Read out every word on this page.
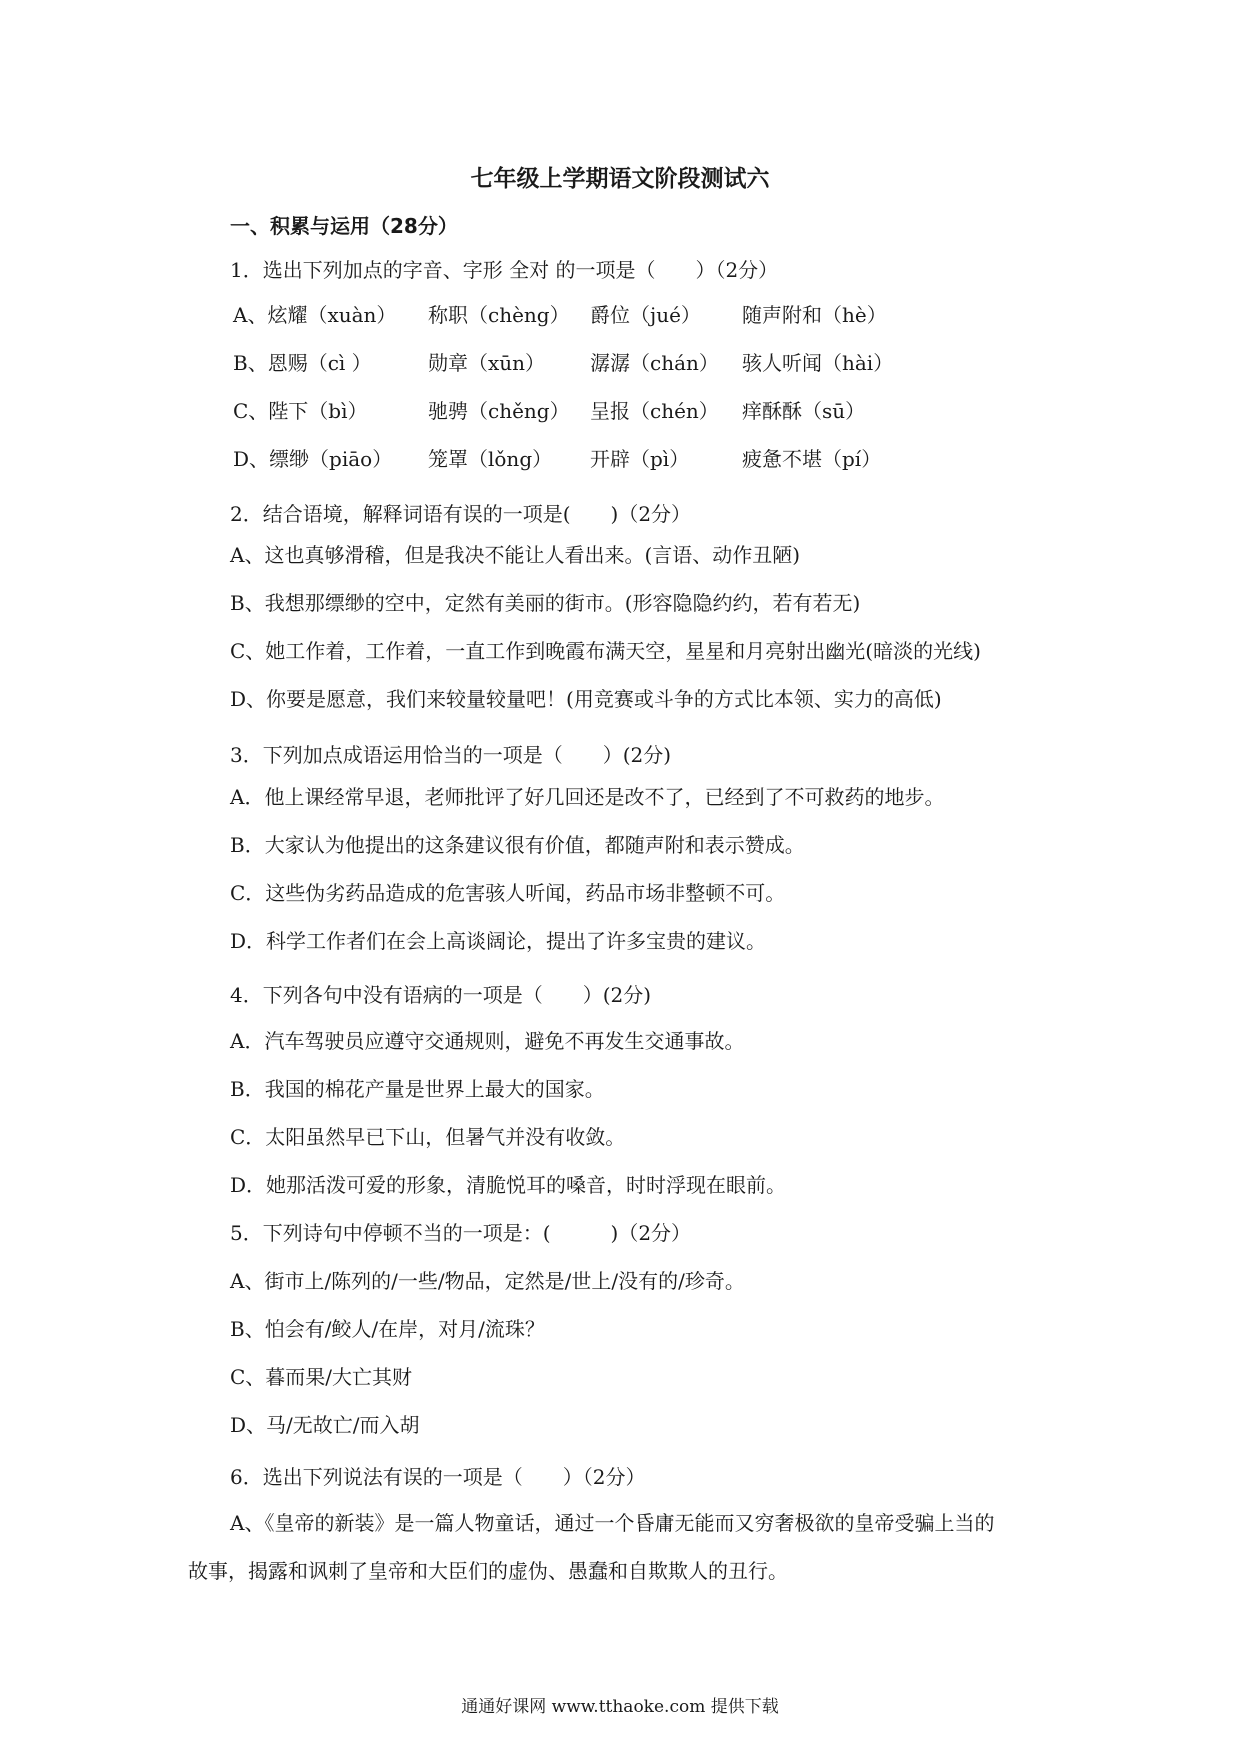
七年级上学期语文阶段测试六
一、积累与运用（28分）
1．选出下列加点的字音、字形 全对 的一项是（　　）（2分）
A、炫耀（xuàn） 称职（chèng） 爵位（jué） 随声附和（hè）
B、恩赐（cì ）	勋章（xūn） 潺潺（chán） 骇人听闻（hài）
C、陛下（bì）	驰骋（chěng） 呈报（chén） 痒酥酥（sū）
D、缥缈（piāo） 笼罩（lǒng） 开辟（pì）	疲惫不堪（pí）
2．结合语境，解释词语有误的一项是(　　)（2分）
A、这也真够滑稽，但是我决不能让人看出来。(言语、动作丑陋)
B、我想那缥缈的空中，定然有美丽的街市。(形容隐隐约约，若有若无)
C、她工作着，工作着，一直工作到晚霞布满天空，星星和月亮射出幽光(暗淡的光线)
D、你要是愿意，我们来较量较量吧！(用竞赛或斗争的方式比本领、实力的高低)
3．下列加点成语运用恰当的一项是（　　）(2分)
A．他上课经常早退，老师批评了好几回还是改不了，已经到了不可救药的地步。
B．大家认为他提出的这条建议很有价值，都随声附和表示赞成。
C．这些伪劣药品造成的危害骇人听闻，药品市场非整顿不可。
D．科学工作者们在会上高谈阔论，提出了许多宝贵的建议。
4．下列各句中没有语病的一项是（　　）(2分)
A．汽车驾驶员应遵守交通规则，避免不再发生交通事故。
B．我国的棉花产量是世界上最大的国家。
C．太阳虽然早已下山，但暑气并没有收敛。
D．她那活泼可爱的形象，清脆悦耳的嗓音，时时浮现在眼前。
5．下列诗句中停顿不当的一项是：(　　　)（2分）
A、街市上/陈列的/一些/物品，定然是/世上/没有的/珍奇。
B、怕会有/鲛人/在岸，对月/流珠？
C、暮而果/大亡其财
D、马/无故亡/而入胡
6．选出下列说法有误的一项是（　　）（2分）
A、《皇帝的新装》是一篇人物童话，通过一个昏庸无能而又穷奢极欲的皇帝受骗上当的
故事，揭露和讽刺了皇帝和大臣们的虚伪、愚蠢和自欺欺人的丑行。
通通好课网 www.tthaoke.com 提供下载
